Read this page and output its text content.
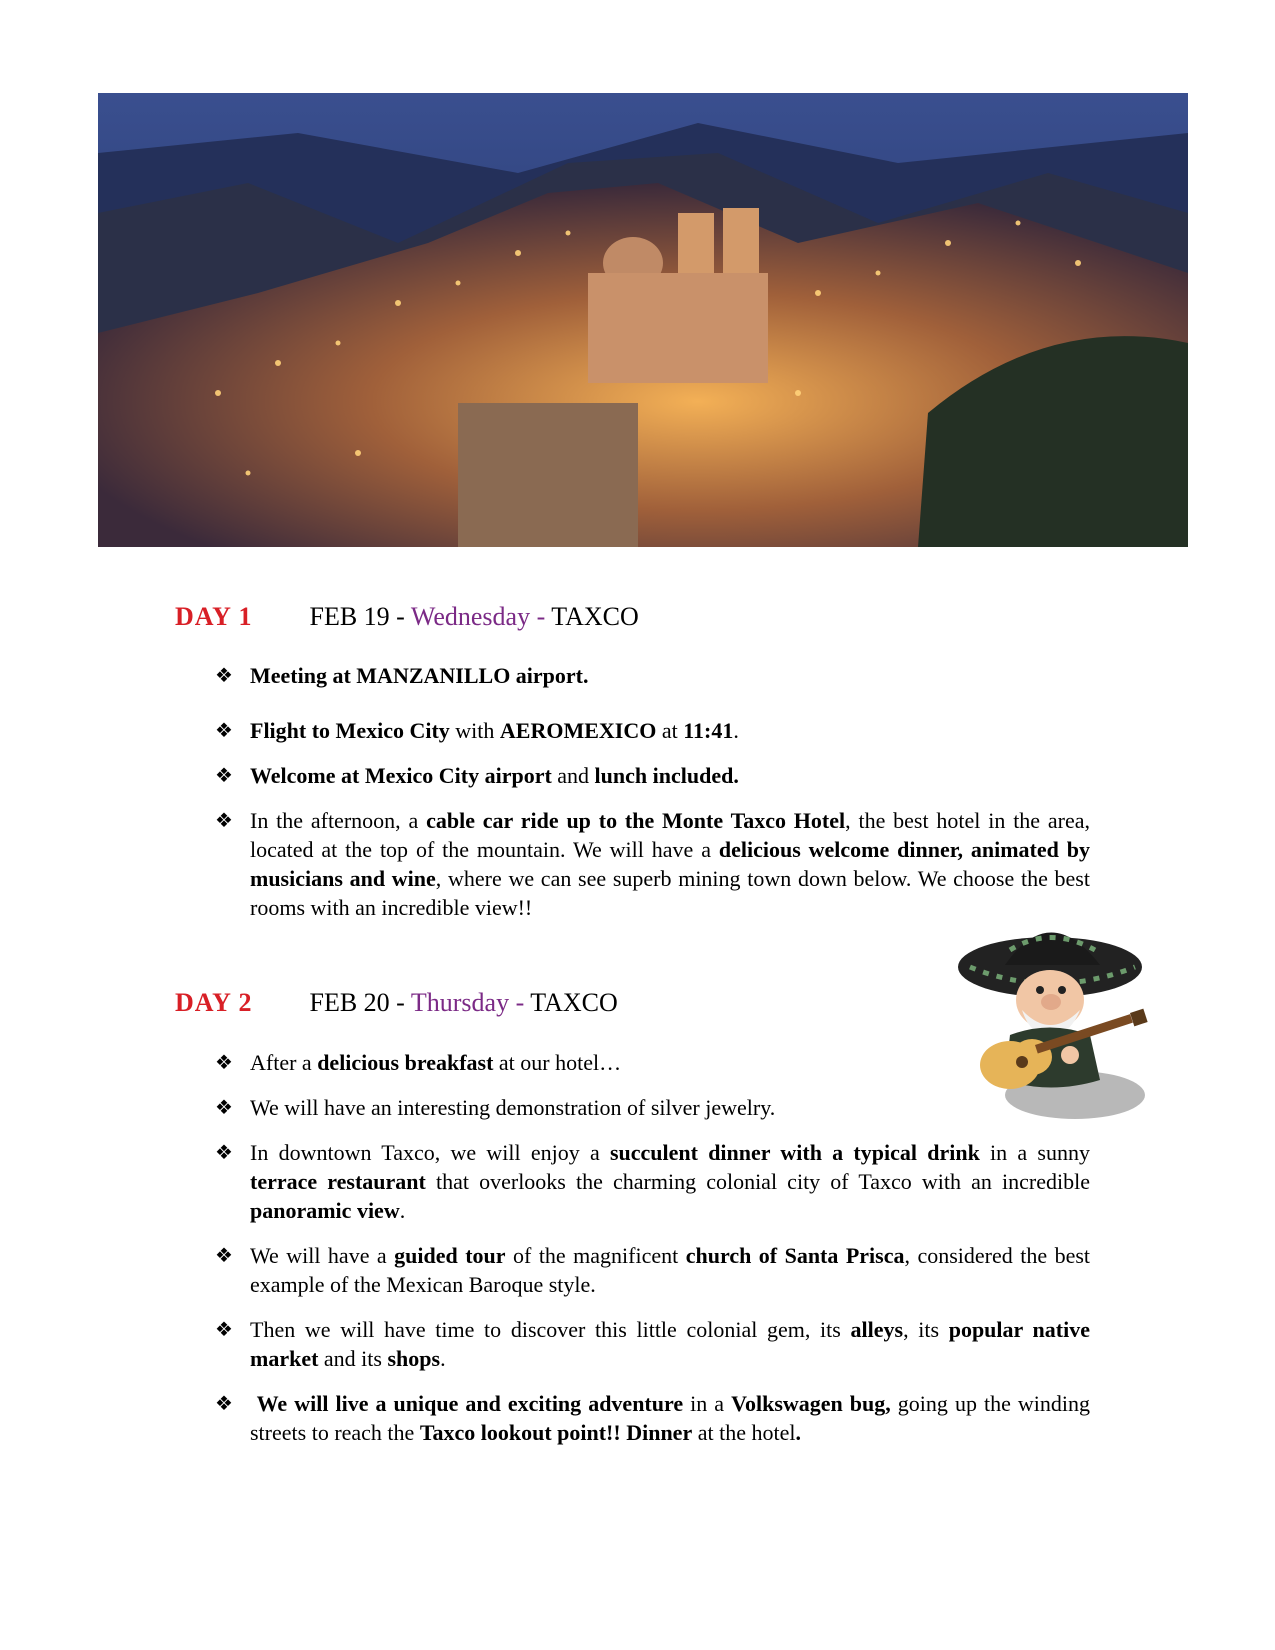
DAY 1 FEB 19 - Wednesday - TAXCO
❖ Meeting at MANZANILLO airport.
❖ Flight to Mexico City with AEROMEXICO at 11:41.
❖ Welcome at Mexico City airport and lunch included.
❖ In the afternoon, a cable car ride up to the Monte Taxco Hotel, the best hotel in the area, located at the top of the mountain. We will have a delicious welcome dinner, animated by musicians and wine, where we can see superb mining town down below. We choose the best rooms with an incredible view!!
DAY 2 FEB 20 - Thursday - TAXCO
❖ After a delicious breakfast at our hotel…
❖ We will have an interesting demonstration of silver jewelry.
❖ In downtown Taxco, we will enjoy a succulent dinner with a typical drink in a sunny terrace restaurant that overlooks the charming colonial city of Taxco with an incredible panoramic view.
❖ We will have a guided tour of the magnificent church of Santa Prisca, considered the best example of the Mexican Baroque style.
❖ Then we will have time to discover this little colonial gem, its alleys, its popular native market and its shops.
❖ We will live a unique and exciting adventure in a Volkswagen bug, going up the winding streets to reach the Taxco lookout point!! Dinner at the hotel.
